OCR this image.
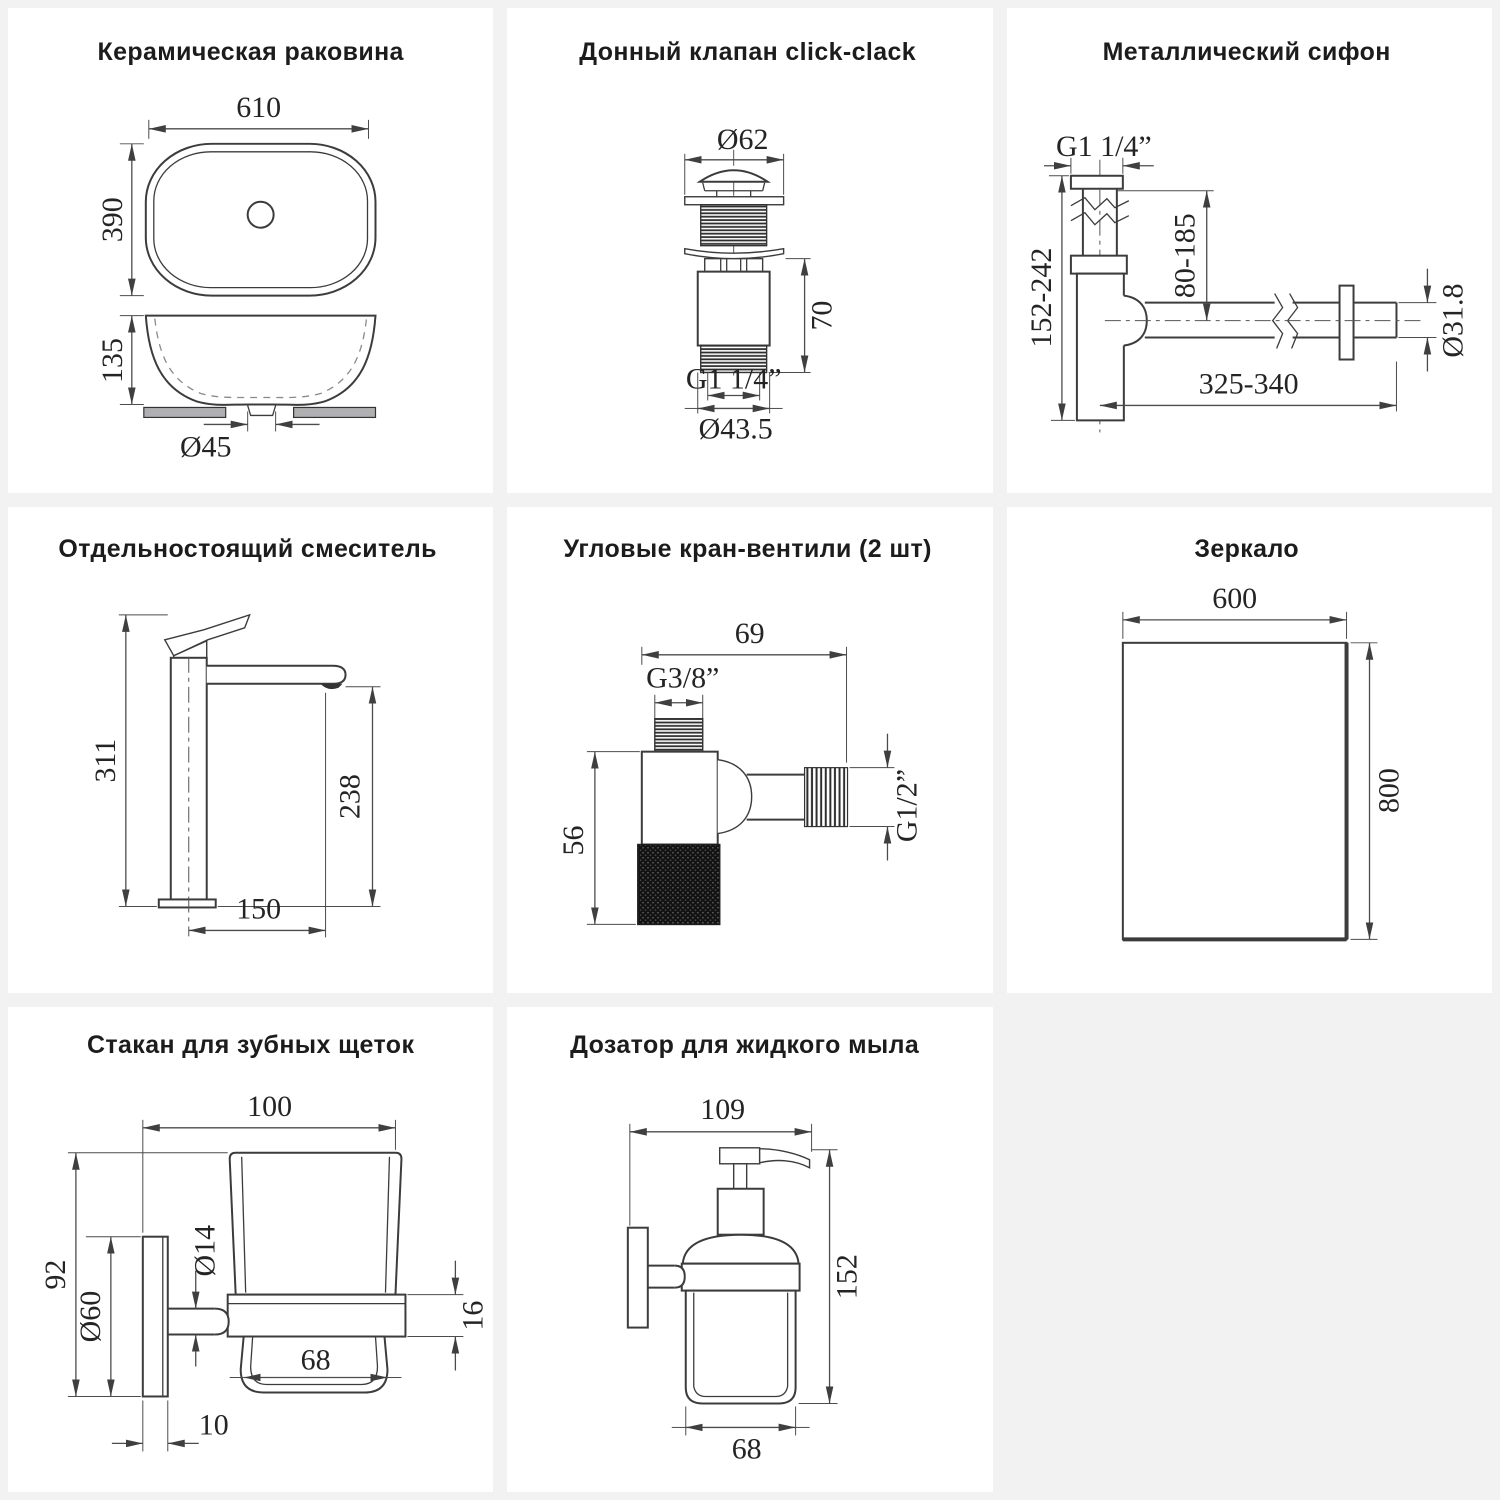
Керамическая раковина
610
390
135
Ø45
Донный клапан click-clack
Ø62
70
G1 1/4”
Ø43.5
Металлический сифон
G1 1/4”
152-242	80-185
Ø31.8
325-340
Отдельностоящий смеситель
311
238
150
Угловые кран-вентили (2 шт)
69
G3/8”
56	G1/2”
Зеркало
600
800
Стакан для зубных щеток
100
92
Ø60
Ø14
16
68
10
Дозатор для жидкого мыла
109
152
68
